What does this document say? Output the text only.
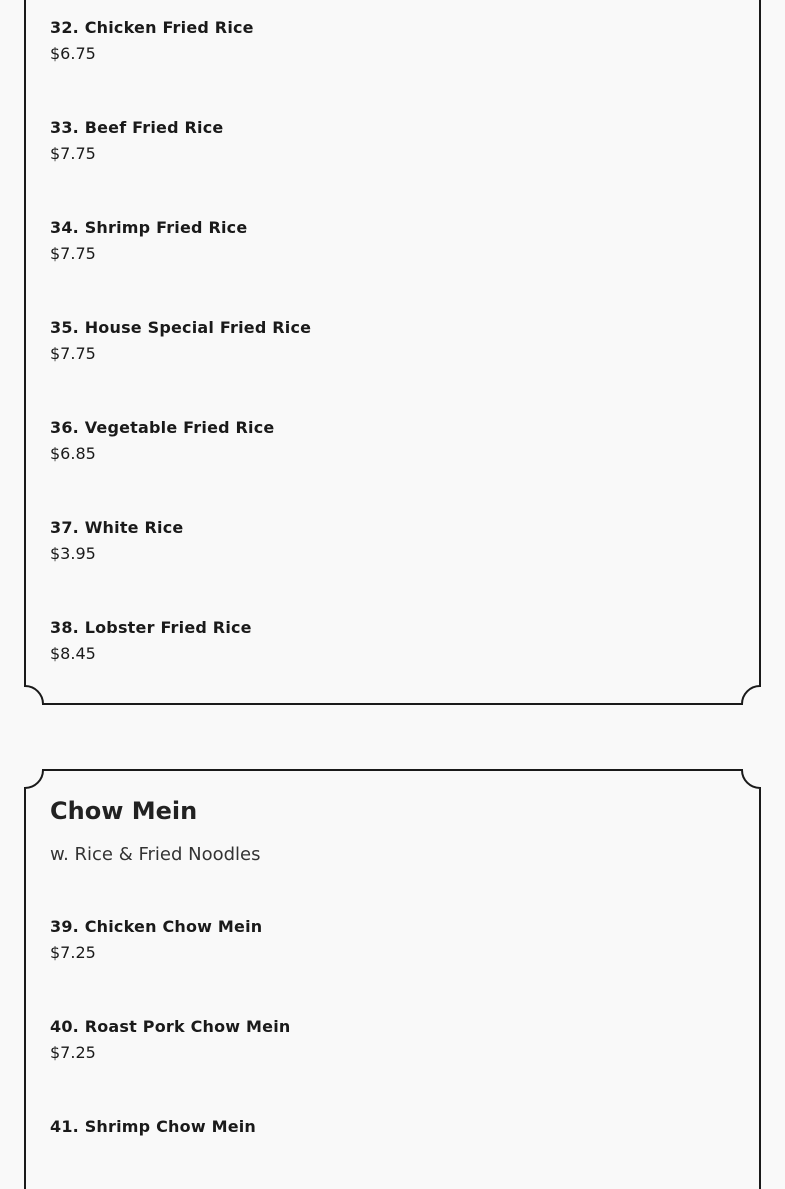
32. Chicken Fried Rice
$6.75
33. Beef Fried Rice
$7.75
34. Shrimp Fried Rice
$7.75
35. House Special Fried Rice
$7.75
36. Vegetable Fried Rice
$6.85
37. White Rice
$3.95
38. Lobster Fried Rice
$8.45
Chow Mein
w. Rice & Fried Noodles
39. Chicken Chow Mein
$7.25
40. Roast Pork Chow Mein
$7.25
41. Shrimp Chow Mein
